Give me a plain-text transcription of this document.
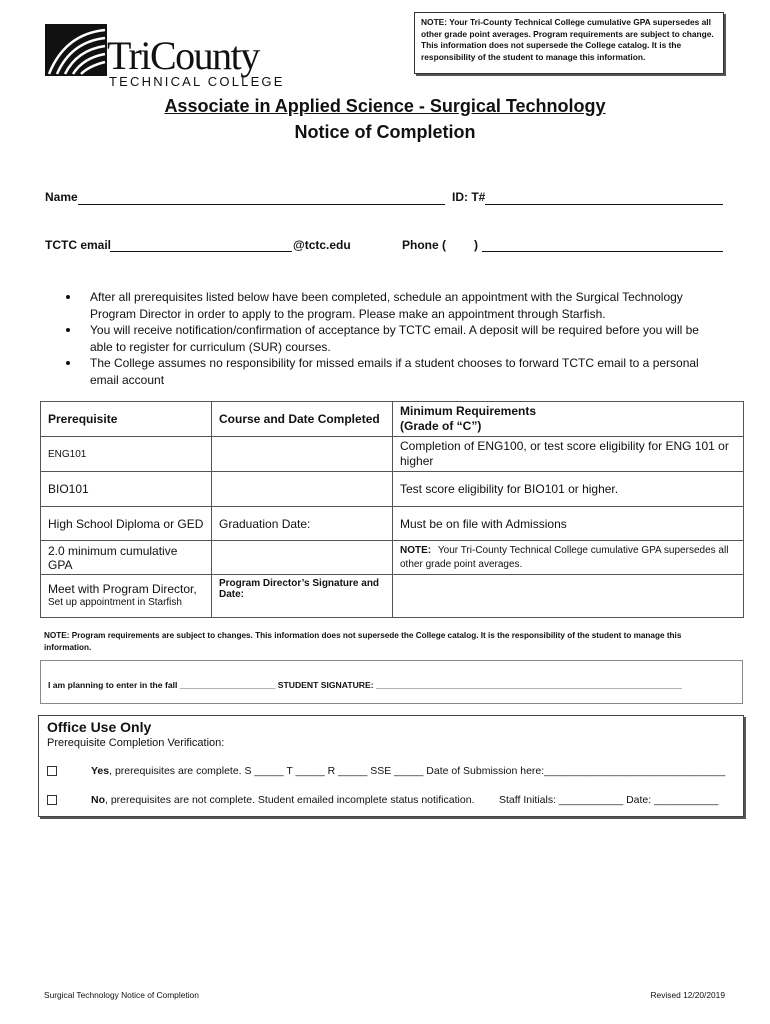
TriCounty
TECHNICAL COLLEGE
NOTE: Your Tri-County Technical College cumulative GPA supersedes all other grade point averages. Program requirements are subject to change. This information does not supersede the College catalog. It is the responsibility of the student to manage this information.
Associate in Applied Science - Surgical Technology
Notice of Completion
Name	ID: T#
TCTC email	@tctc.edu	Phone ( )
After all prerequisites listed below have been completed, schedule an appointment with the Surgical Technology Program Director in order to apply to the program. Please make an appointment through Starfish.
You will receive notification/confirmation of acceptance by TCTC email. A deposit will be required before you will be able to register for curriculum (SUR) courses.
The College assumes no responsibility for missed emails if a student chooses to forward TCTC email to a personal email account
Prerequisite	Course and Date Completed	Minimum Requirements
(Grade of “C”)

ENG101		Completion of ENG100, or test score eligibility for ENG 101 or higher
BIO101		Test score eligibility for BIO101 or higher.
High School Diploma or GED	Graduation Date:	Must be on file with Admissions
2.0 minimum cumulative GPA		NOTE: Your Tri-County Technical College cumulative GPA supersedes all other grade point averages.

Meet with Program Director,
Set up appointment in Starfish	Program Director’s Signature and Date:	
NOTE: Program requirements are subject to changes. This information does not supersede the College catalog. It is the responsibility of the student to manage this information.
I am planning to enter in the fall ____________________ STUDENT SIGNATURE: ________________________________________________________________
Office Use Only
Prerequisite Completion Verification:
Yes, prerequisites are complete. S _____ T _____ R _____ SSE _____ Date of Submission here:_______________________________
No, prerequisites are not complete. Student emailed incomplete status notification. Staff Initials: ___________ Date: ___________
Surgical Technology Notice of Completion	Revised 12/20/2019
